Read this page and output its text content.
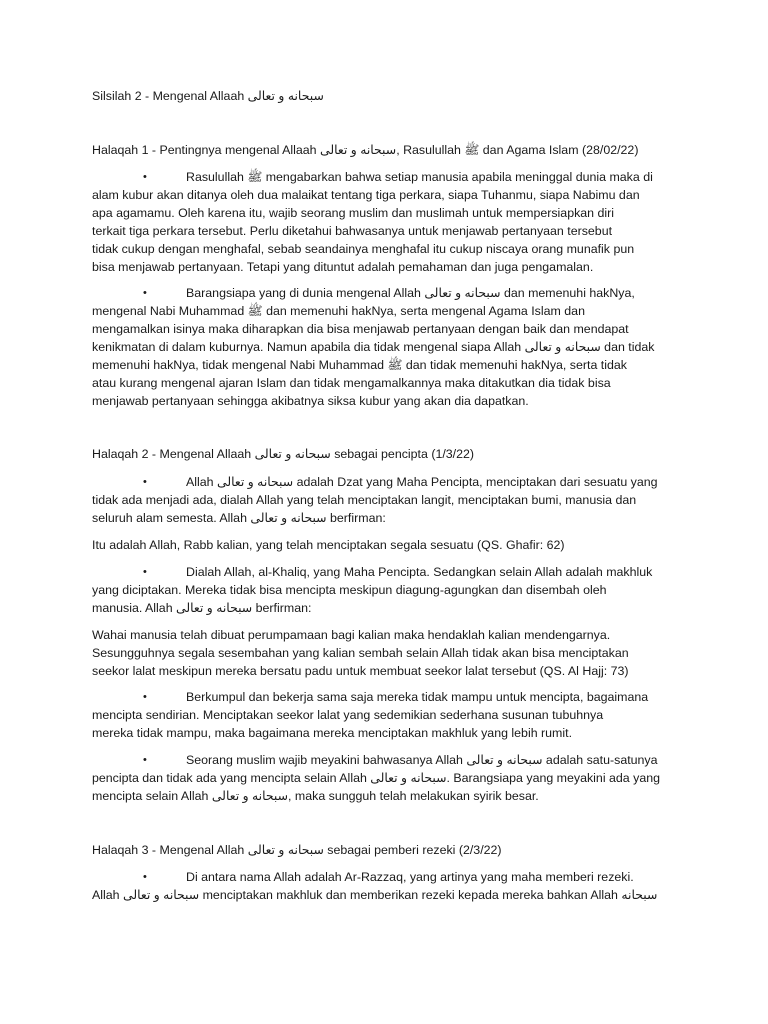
Silsilah 2 - Mengenal Allaah سبحانه و تعالى
Halaqah 1 - Pentingnya mengenal Allaah سبحانه و تعالى, Rasulullah ﷺ dan Agama Islam (28/02/22)
•	Rasulullah ﷺ mengabarkan bahwa setiap manusia apabila meninggal dunia maka di
alam kubur akan ditanya oleh dua malaikat tentang tiga perkara, siapa Tuhanmu, siapa Nabimu dan
apa agamamu. Oleh karena itu, wajib seorang muslim dan muslimah untuk mempersiapkan diri
terkait tiga perkara tersebut. Perlu diketahui bahwasanya untuk menjawab pertanyaan tersebut
tidak cukup dengan menghafal, sebab seandainya menghafal itu cukup niscaya orang munafik pun
bisa menjawab pertanyaan. Tetapi yang dituntut adalah pemahaman dan juga pengamalan.
•	Barangsiapa yang di dunia mengenal Allah سبحانه و تعالى dan memenuhi hakNya,
mengenal Nabi Muhammad ﷺ dan memenuhi hakNya, serta mengenal Agama Islam dan
mengamalkan isinya maka diharapkan dia bisa menjawab pertanyaan dengan baik dan mendapat
kenikmatan di dalam kuburnya. Namun apabila dia tidak mengenal siapa Allah سبحانه و تعالى dan tidak
memenuhi hakNya, tidak mengenal Nabi Muhammad ﷺ dan tidak memenuhi hakNya, serta tidak
atau kurang mengenal ajaran Islam dan tidak mengamalkannya maka ditakutkan dia tidak bisa
menjawab pertanyaan sehingga akibatnya siksa kubur yang akan dia dapatkan.
Halaqah 2 - Mengenal Allaah سبحانه و تعالى sebagai pencipta (1/3/22)
•	Allah سبحانه و تعالى adalah Dzat yang Maha Pencipta, menciptakan dari sesuatu yang
tidak ada menjadi ada, dialah Allah yang telah menciptakan langit, menciptakan bumi, manusia dan
seluruh alam semesta. Allah سبحانه و تعالى berfirman:
Itu adalah Allah, Rabb kalian, yang telah menciptakan segala sesuatu (QS. Ghafir: 62)
•	Dialah Allah, al-Khaliq, yang Maha Pencipta. Sedangkan selain Allah adalah makhluk
yang diciptakan. Mereka tidak bisa mencipta meskipun diagung-agungkan dan disembah oleh
manusia. Allah سبحانه و تعالى berfirman:
Wahai manusia telah dibuat perumpamaan bagi kalian maka hendaklah kalian mendengarnya.
Sesungguhnya segala sesembahan yang kalian sembah selain Allah tidak akan bisa menciptakan
seekor lalat meskipun mereka bersatu padu untuk membuat seekor lalat tersebut (QS. Al Hajj: 73)
•	Berkumpul dan bekerja sama saja mereka tidak mampu untuk mencipta, bagaimana
mencipta sendirian. Menciptakan seekor lalat yang sedemikian sederhana susunan tubuhnya
mereka tidak mampu, maka bagaimana mereka menciptakan makhluk yang lebih rumit.
•	Seorang muslim wajib meyakini bahwasanya Allah سبحانه و تعالى adalah satu-satunya
pencipta dan tidak ada yang mencipta selain Allah سبحانه و تعالى. Barangsiapa yang meyakini ada yang
mencipta selain Allah سبحانه و تعالى, maka sungguh telah melakukan syirik besar.
Halaqah 3 - Mengenal Allah سبحانه و تعالى sebagai pemberi rezeki (2/3/22)
•	Di antara nama Allah adalah Ar-Razzaq, yang artinya yang maha memberi rezeki.
Allah سبحانه و تعالى menciptakan makhluk dan memberikan rezeki kepada mereka bahkan Allah سبحانه
